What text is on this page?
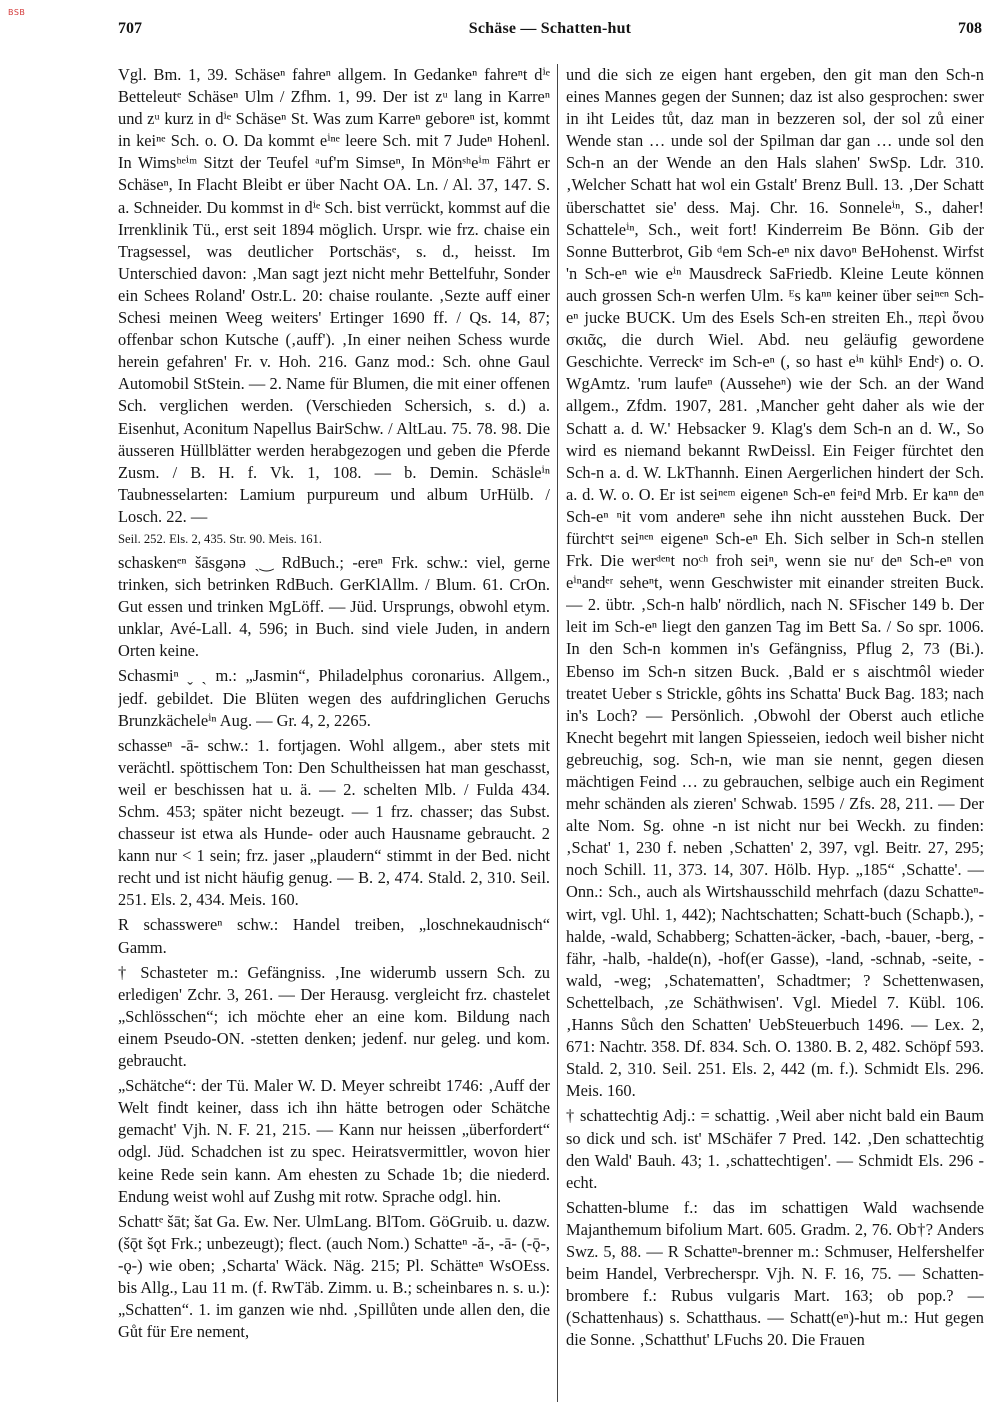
BSB
707	Schäse — Schatten-hut	708

Vgl. Bm. 1, 39. Schäseⁿ fahreⁿ allgem. In Gedankeⁿ fahreⁿt dⁱᵉ Betteleutᵉ Schäseⁿ Ulm / Zfhm. 1, 99. Der ist zᵘ lang in Karreⁿ und zᵘ kurz in dⁱᵉ Schäseⁿ St. Was zum Karreⁿ geboreⁿ ist, kommt in keiⁿᵉ Sch. o. O. Da kommt eⁱⁿᵉ leere Sch. mit 7 Judeⁿ Hohenl. In Wimsʰᵉⁱᵐ Sitzt der Teufel ᵃuf'm Simseⁿ, In Mönˢʰeⁱᵐ Fährt er Schäseⁿ, In Flacht Bleibt er über Nacht OA. Ln. / Al. 37, 147. S. a. Schneider. Du kommst in dⁱᵉ Sch. bist verrückt, kommst auf die Irrenklinik Tü., erst seit 1894 möglich. Urspr. wie frz. chaise ein Tragsessel, was deutlicher Portschäsᵉ, s. d., heisst. Im Unterschied davon: ‚Man sagt jezt nicht mehr Bettelfuhr, Sonder ein Schees Roland' Ostr.L. 20: chaise roulante. ‚Sezte auff einer Schesi meinen Weeg weiters' Ertinger 1690 ff. / Qs. 14, 87; offenbar schon Kutsche (‚auff'). ‚In einer neihen Schess wurde herein gefahren' Fr. v. Hoh. 216. Ganz mod.: Sch. ohne Gaul Automobil StStein. — 2. Name für Blumen, die mit einer offenen Sch. verglichen werden. (Verschieden Schersich, s. d.) a. Eisenhut, Aconitum Napellus BairSchw. / AltLau. 75. 78. 98. Die äusseren Hüllblätter werden herabgezogen und geben die Pferde Zusm. / B. H. f. Vk. 1, 108. — b. Demin. Schäsleⁱⁿ Taubnesselarten: Lamium purpureum und album UrHülb. / Losch. 22. —

Seil. 252. Els. 2, 435. Str. 90. Meis. 161.

schaskenᵉⁿ šāsgənə ˏ‿ RdBuch.; -ereⁿ Frk. schw.: viel, gerne trinken, sich betrinken RdBuch. GerKlAllm. / Blum. 61. CrOn. Gut essen und trinken MgLöff. — Jüd. Ursprungs, obwohl etym. unklar, Avé-Lall. 4, 596; in Buch. sind viele Juden, in andern Orten keine.

Schasmiⁿ ˬ ˏ m.: „Jasmin“, Philadelphus coronarius. Allgem., jedf. gebildet. Die Blüten wegen des aufdringlichen Geruchs Brunzkächeleⁱⁿ Aug. — Gr. 4, 2, 2265.

schasseⁿ -ā- schw.: 1. fortjagen. Wohl allgem., aber stets mit verächtl. spöttischem Ton: Den Schultheissen hat man geschasst, weil er beschissen hat u. ä. — 2. schelten Mlb. / Fulda 434. Schm. 453; später nicht bezeugt. — 1 frz. chasser; das Subst. chasseur ist etwa als Hunde- oder auch Hausname gebraucht. 2 kann nur < 1 sein; frz. jaser „plaudern“ stimmt in der Bed. nicht recht und ist nicht häufig genug. — B. 2, 474. Stald. 2, 310. Seil. 251. Els. 2, 434. Meis. 160.

R schasswereⁿ schw.: Handel treiben, „loschnekaudnisch“ Gamm.

† Schasteter m.: Gefängniss. ‚Ine widerumb ussern Sch. zu erledigen' Zchr. 3, 261. — Der Herausg. vergleicht frz. chastelet „Schlösschen“; ich möchte eher an eine kom. Bildung nach einem Pseudo-ON. -stetten denken; jedenf. nur geleg. und kom. gebraucht.

„Schätche“: der Tü. Maler W. D. Meyer schreibt 1746: ‚Auff der Welt findt keiner, dass ich ihn hätte betrogen oder Schätche gemacht' Vjh. N. F. 21, 215. — Kann nur heissen „überfordert“ odgl. Jüd. Schadchen ist zu spec. Heiratsvermittler, wovon hier keine Rede sein kann. Am ehesten zu Schade 1b; die niederd. Endung weist wohl auf Zushg mit rotw. Sprache odgl. hin.

Schattᵉ šāt; šat Ga. Ew. Ner. UlmLang. BlTom. GöGruib. u. dazw. (šǭt šǫt Frk.; unbezeugt); flect. (auch Nom.) Schatteⁿ -ă-, -ā- (-ǭ-, -ǫ-) wie oben; ‚Scharta' Wäck. Näg. 215; Pl. Schätteⁿ WsOEss. bis Allg., Lau 11 m. (f. RwTäb. Zimm. u. B.; scheinbares n. s. u.): „Schatten“. 1. im ganzen wie nhd. ‚Spillůten unde allen den, die Gůt für Ere nement,

und die sich ze eigen hant ergeben, den git man den Sch-n eines Mannes gegen der Sunnen; daz ist also gesprochen: swer in iht Leides tůt, daz man in bezzeren sol, der sol zů einer Wende stan … unde sol der Spilman dar gan … unde sol den Sch-n an der Wende an den Hals slahen' SwSp. Ldr. 310. ‚Welcher Schatt hat wol ein Gstalt' Brenz Bull. 13. ‚Der Schatt überschattet sie' dess. Maj. Chr. 16. Sonneleⁱⁿ, S., daher! Schatteleⁱⁿ, Sch., weit fort! Kinderreim Be Bönn. Gib der Sonne Butterbrot, Gib ᵈem Sch-eⁿ nix davoⁿ BeHohenst. Wirfst 'n Sch-eⁿ wie eⁱⁿ Mausdreck SaFriedb. Kleine Leute können auch grossen Sch-n werfen Ulm. ᴱs kaⁿⁿ keiner über seiⁿᵉⁿ Sch-eⁿ jucke BUCK. Um des Esels Sch-en streiten Eh., περὶ ὄνου σκιᾶς, die durch Wiel. Abd. neu geläufig gewordene Geschichte. Verreckᵉ im Sch-eⁿ (, so hast eⁱⁿ kühlˢ Endᵉ) o. O. WgAmtz. 'rum laufeⁿ (Ausseheⁿ) wie der Sch. an der Wand allgem., Zfdm. 1907, 281. ‚Mancher geht daher als wie der Schatt a. d. W.' Hebsacker 9. Klag's dem Sch-n an d. W., So wird es niemand bekannt RwDeissl. Ein Feiger fürchtet den Sch-n a. d. W. LkThannh. Einen Aergerlichen hindert der Sch. a. d. W. o. O. Er ist seiⁿᵉᵐ eigeneⁿ Sch-eⁿ feiⁿd Mrb. Er kaⁿⁿ deⁿ Sch-eⁿ ⁿit vom andereⁿ sehe ihn nicht ausstehen Buck. Der fürchtᵉt seiⁿᵉⁿ eigeneⁿ Sch-eⁿ Eh. Sich selber in Sch-n stellen Frk. Die werᵈᵉⁿt noᶜʰ froh seiⁿ, wenn sie nuʳ deⁿ Sch-eⁿ von eⁱⁿandᵉʳ seheⁿt, wenn Geschwister mit einander streiten Buck. — 2. übtr. ‚Sch-n halb' nördlich, nach N. SFischer 149 b. Der leit im Sch-eⁿ liegt den ganzen Tag im Bett Sa. / So spr. 1006. In den Sch-n kommen in's Gefängniss, Pflug 2, 73 (Bi.). Ebenso im Sch-n sitzen Buck. ‚Bald er s aischtmôl wieder treatet Ueber s Strickle, gôhts ins Schatta' Buck Bag. 183; nach in's Loch? — Persönlich. ‚Obwohl der Oberst auch etliche Knecht begehrt mit langen Spiesseien, iedoch weil bisher nicht gebreuchig, sog. Sch-n, wie man sie nennt, gegen diesen mächtigen Feind … zu gebrauchen, selbige auch ein Regiment mehr schänden als zieren' Schwab. 1595 / Zfs. 28, 211. — Der alte Nom. Sg. ohne -n ist nicht nur bei Weckh. zu finden: ‚Schat' 1, 230 f. neben ‚Schatten' 2, 397, vgl. Beitr. 27, 295; noch Schill. 11, 373. 14, 307. Hölb. Hyp. „185“ ‚Schatte'. — Onn.: Sch., auch als Wirtshausschild mehrfach (dazu Schatteⁿ-wirt, vgl. Uhl. 1, 442); Nachtschatten; Schatt-buch (Schapb.), -halde, -wald, Schabberg; Schatten-äcker, -bach, -bauer, -berg, -fähr, -halb, -halde(n), -hof(er Gasse), -land, -schnab, -seite, -wald, -weg; ‚Schatematten', Schadtmer; ? Schettenwasen, Schettelbach, ‚ze Schäthwisen'. Vgl. Miedel 7. Kübl. 106. ‚Hanns Sůch den Schatten' UebSteuerbuch 1496. — Lex. 2, 671: Nachtr. 358. Df. 834. Sch. O. 1380. B. 2, 482. Schöpf 593. Stald. 2, 310. Seil. 251. Els. 2, 442 (m. f.). Schmidt Els. 296. Meis. 160.

† schattechtig Adj.: = schattig. ‚Weil aber nicht bald ein Baum so dick und sch. ist' MSchäfer 7 Pred. 142. ‚Den schattechtig den Wald' Bauh. 43; 1. ‚schattechtigen'. — Schmidt Els. 296 -echt.

Schatten-blume f.: das im schattigen Wald wachsende Majanthemum bifolium Mart. 605. Gradm. 2, 76. Ob†? Anders Swz. 5, 88. — R Schatteⁿ-brenner m.: Schmuser, Helfershelfer beim Handel, Verbrecherspr. Vjh. N. F. 16, 75. — Schatten-brombere f.: Rubus vulgaris Mart. 163; ob pop.? — (Schattenhaus) s. Schatthaus. — Schatt(eⁿ)-hut m.: Hut gegen die Sonne. ‚Schatthut' LFuchs 20. Die Frauen
